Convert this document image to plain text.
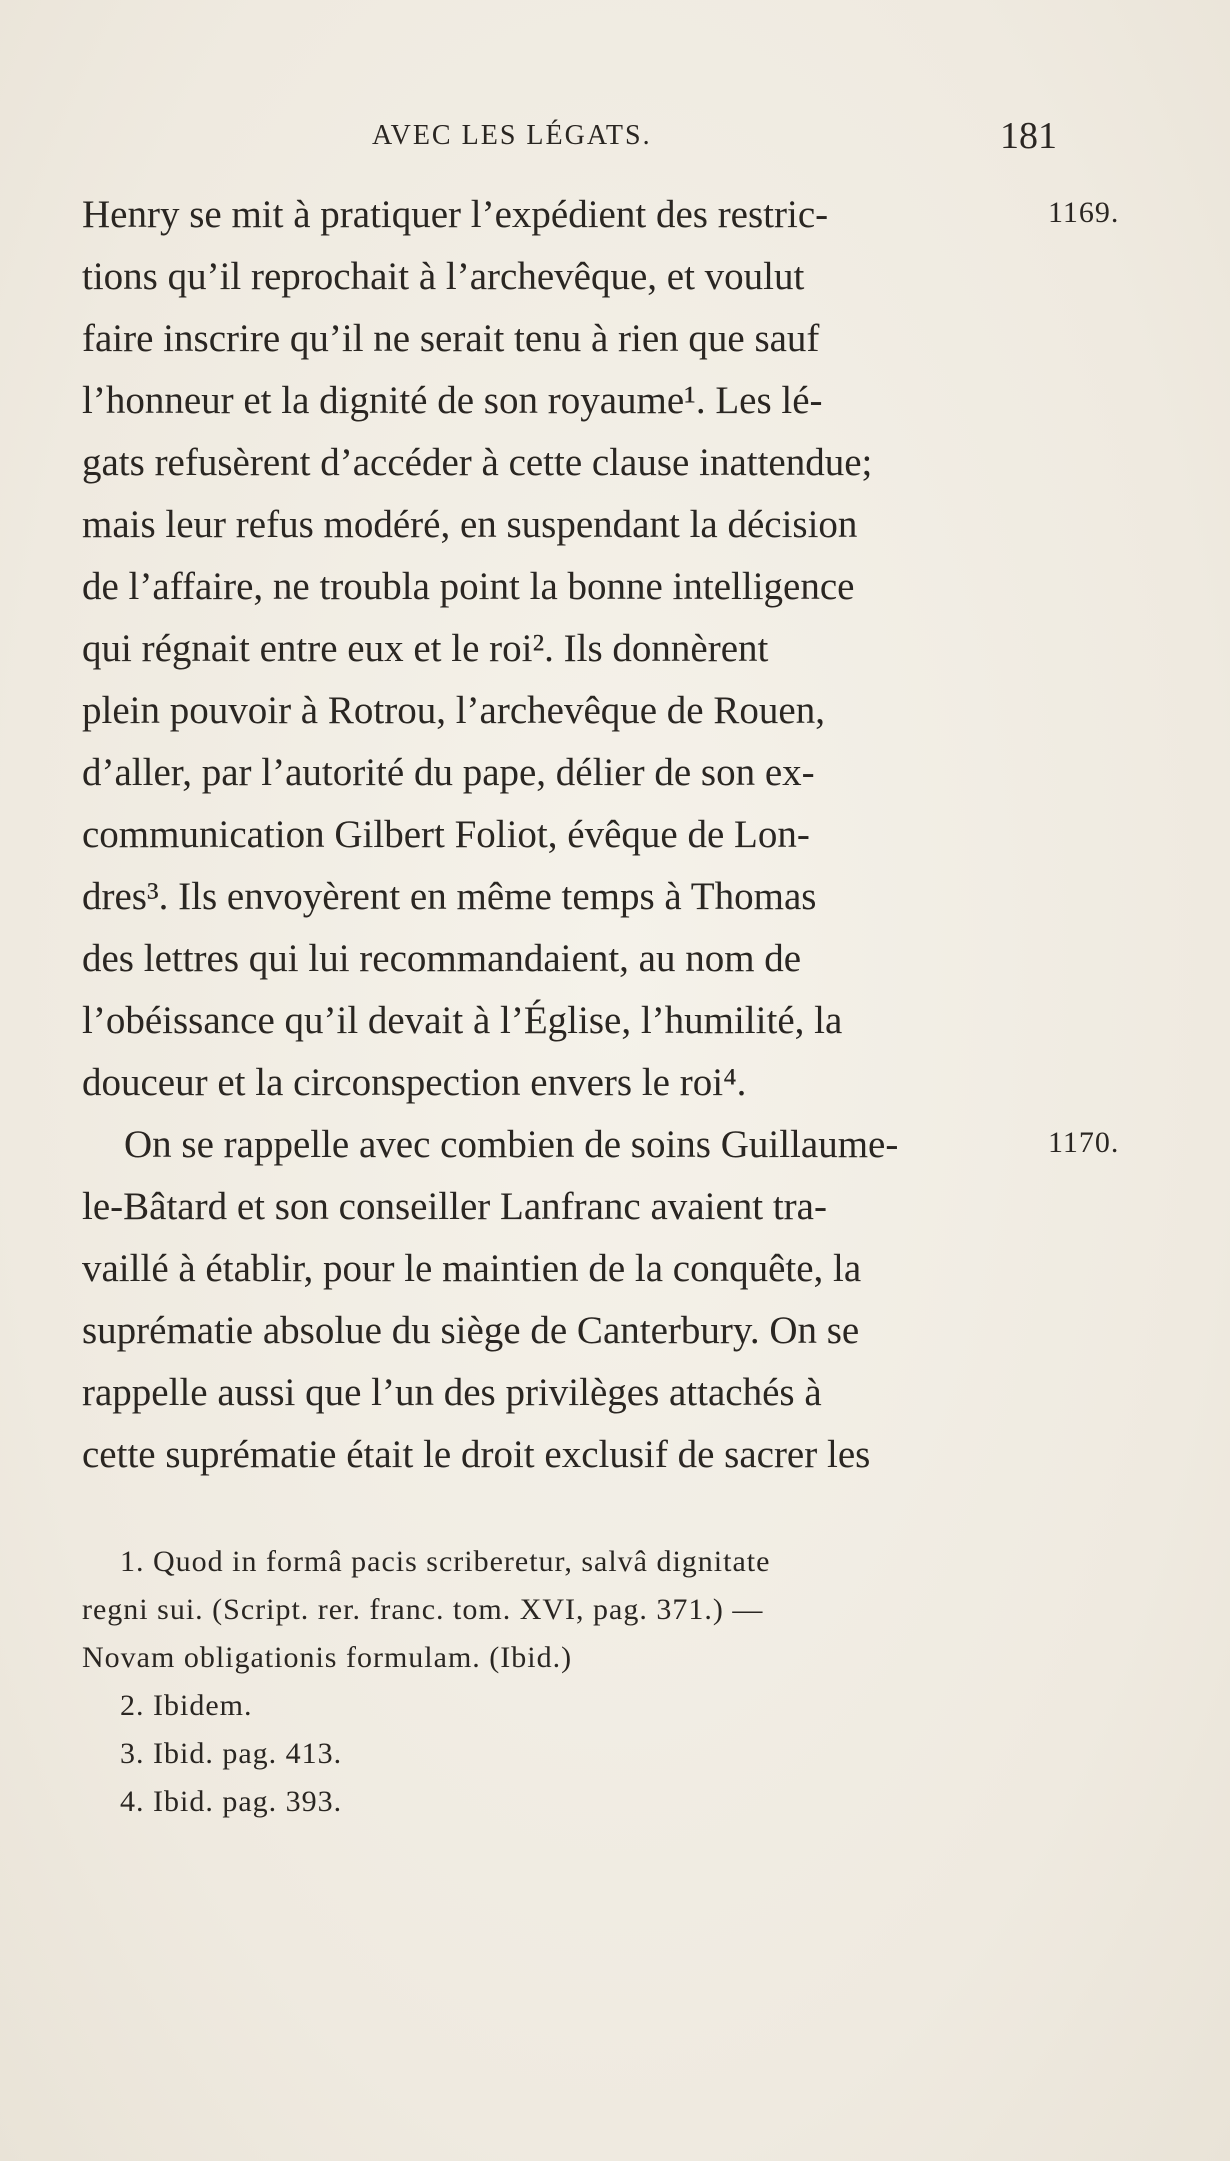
AVEC LES LÉGATS.	181
1169.
1170.
Henry se mit à pratiquer l’expédient des restric-
tions qu’il reprochait à l’archevêque, et voulut
faire inscrire qu’il ne serait tenu à rien que sauf
l’honneur et la dignité de son royaume¹. Les lé-
gats refusèrent d’accéder à cette clause inattendue;
mais leur refus modéré, en suspendant la décision
de l’affaire, ne troubla point la bonne intelligence
qui régnait entre eux et le roi². Ils donnèrent
plein pouvoir à Rotrou, l’archevêque de Rouen,
d’aller, par l’autorité du pape, délier de son ex-
communication Gilbert Foliot, évêque de Lon-
dres³. Ils envoyèrent en même temps à Thomas
des lettres qui lui recommandaient, au nom de
l’obéissance qu’il devait à l’Église, l’humilité, la
douceur et la circonspection envers le roi⁴.
On se rappelle avec combien de soins Guillaume-
le-Bâtard et son conseiller Lanfranc avaient tra-
vaillé à établir, pour le maintien de la conquête, la
suprématie absolue du siège de Canterbury. On se
rappelle aussi que l’un des privilèges attachés à
cette suprématie était le droit exclusif de sacrer les
1. Quod in formâ pacis scriberetur, salvâ dignitate
regni sui. (Script. rer. franc. tom. XVI, pag. 371.) —
Novam obligationis formulam. (Ibid.)
2. Ibidem.
3. Ibid. pag. 413.
4. Ibid. pag. 393.
